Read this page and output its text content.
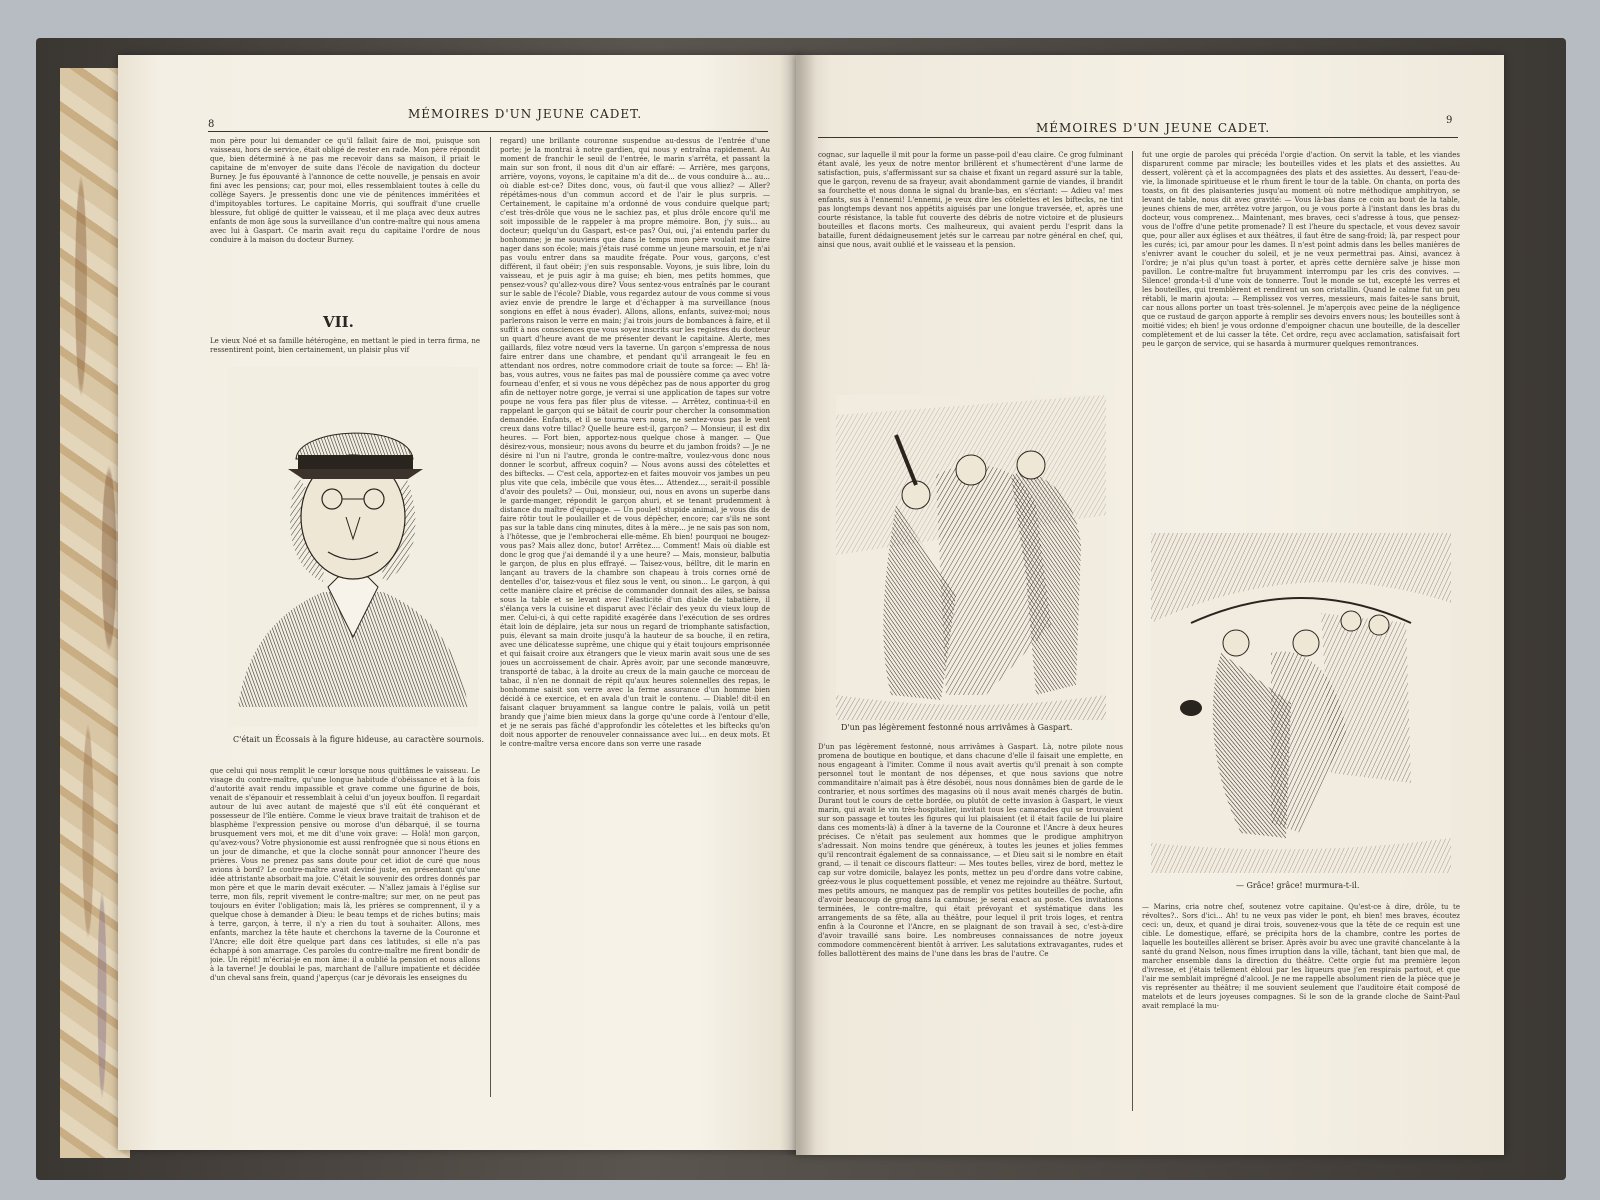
8
MÉMOIRES D'UN JEUNE CADET.
mon père pour lui demander ce qu'il fallait faire de moi, puisque son vaisseau, hors de service, était obligé de rester en rade. Mon père répondit que, bien déterminé à ne pas me recevoir dans sa maison, il priait le capitaine de m'envoyer de suite dans l'école de navigation du docteur Burney. Je fus épouvanté à l'annonce de cette nouvelle, je pensais en avoir fini avec les pensions; car, pour moi, elles ressemblaient toutes à celle du collège Sayers. Je pressentis donc une vie de pénitences imméritées et d'impitoyables tortures. Le capitaine Morris, qui souffrait d'une cruelle blessure, fut obligé de quitter le vaisseau, et il me plaça avec deux autres enfants de mon âge sous la surveillance d'un contre-maître qui nous amena avec lui à Gaspart. Ce marin avait reçu du capitaine l'ordre de nous conduire à la maison du docteur Burney.
VII.
Le vieux Noé et sa famille hétérogène, en mettant le pied in terra firma, ne ressentirent point, bien certainement, un plaisir plus vif
C'était un Écossais à la figure hideuse, au caractère sournois.
que celui qui nous remplit le cœur lorsque nous quittâmes le vaisseau. Le visage du contre-maître, qu'une longue habitude d'obéissance et à la fois d'autorité avait rendu impassible et grave comme une figurine de bois, venait de s'épanouir et ressemblait à celui d'un joyeux bouffon. Il regardait autour de lui avec autant de majesté que s'il eût été conquérant et possesseur de l'île entière. Comme le vieux brave traitait de trahison et de blasphème l'expression pensive ou morose d'un débarqué, il se tourna brusquement vers moi, et me dit d'une voix grave: — Holà! mon garçon, qu'avez-vous? Votre physionomie est aussi renfrognée que si nous étions en un jour de dimanche, et que la cloche sonnât pour annoncer l'heure des prières. Vous ne prenez pas sans doute pour cet idiot de curé que nous avions à bord? Le contre-maître avait deviné juste, en présentant qu'une idée attristante absorbait ma joie. C'était le souvenir des ordres donnés par mon père et que le marin devait exécuter. — N'allez jamais à l'église sur terre, mon fils, reprit vivement le contre-maître; sur mer, on ne peut pas toujours en éviter l'obligation; mais là, les prières se comprennent, il y a quelque chose à demander à Dieu: le beau temps et de riches butins; mais à terre, garçon, à terre, il n'y a rien du tout à souhaiter. Allons, mes enfants, marchez la tête haute et cherchons la taverne de la Couronne et l'Ancre; elle doit être quelque part dans ces latitudes, si elle n'a pas échappé à son amarrage. Ces paroles du contre-maître me firent bondir de joie. Un répit! m'écriai-je en mon âme: il a oublié la pension et nous allons à la taverne! Je doublai le pas, marchant de l'allure impatiente et décidée d'un cheval sans frein, quand j'aperçus (car je dévorais les enseignes du
regard) une brillante couronne suspendue au-dessus de l'entrée d'une porte; je la montrai à notre gardien, qui nous y entraîna rapidement. Au moment de franchir le seuil de l'entrée, le marin s'arrêta, et passant la main sur son front, il nous dit d'un air effaré: — Arrière, mes garçons, arrière, voyons, voyons, le capitaine m'a dit de... de vous conduire à... au... où diable est-ce? Dites donc, vous, où faut-il que vous alliez? — Aller? répétâmes-nous d'un commun accord et de l'air le plus surpris. — Certainement, le capitaine m'a ordonné de vous conduire quelque part; c'est très-drôle que vous ne le sachiez pas, et plus drôle encore qu'il me soit impossible de le rappeler à ma propre mémoire. Bon, j'y suis... au docteur; quelqu'un du Gaspart, est-ce pas? Oui, oui, j'ai entendu parler du bonhomme; je me souviens que dans le temps mon père voulait me faire nager dans son école; mais j'étais rusé comme un jeune marsouin, et je n'ai pas voulu entrer dans sa maudite frégate. Pour vous, garçons, c'est différent, il faut obéir; j'en suis responsable. Voyons, je suis libre, loin du vaisseau, et je puis agir à ma guise; eh bien, mes petits hommes, que pensez-vous? qu'allez-vous dire? Vous sentez-vous entraînés par le courant sur le sable de l'école? Diable, vous regardez autour de vous comme si vous aviez envie de prendre le large et d'échapper à ma surveillance (nous songions en effet à nous évader). Allons, allons, enfants, suivez-moi; nous parlerons raison le verre en main; j'ai trois jours de bombances à faire, et il suffit à nos consciences que vous soyez inscrits sur les registres du docteur un quart d'heure avant de me présenter devant le capitaine. Alerte, mes gaillards, filez votre nœud vers la taverne. Un garçon s'empressa de nous faire entrer dans une chambre, et pendant qu'il arrangeait le feu en attendant nos ordres, notre commodore criait de toute sa force: — Eh! là-bas, vous autres, vous ne faites pas mal de poussière comme ça avec votre fourneau d'enfer, et si vous ne vous dépêchez pas de nous apporter du grog afin de nettoyer notre gorge, je verrai si une application de tapes sur votre poupe ne vous fera pas filer plus de vitesse. — Arrêtez, continua-t-il en rappelant le garçon qui se bâtait de courir pour chercher la consommation demandée. Enfants, et il se tourna vers nous, ne sentez-vous pas le vent creux dans votre tillac? Quelle heure est-il, garçon? — Monsieur, il est dix heures. — Fort bien, apportez-nous quelque chose à manger. — Que désirez-vous, monsieur; nous avons du beurre et du jambon froids? — Je ne désire ni l'un ni l'autre, gronda le contre-maître, voulez-vous donc nous donner le scorbut, affreux coquin? — Nous avons aussi des côtelettes et des biftecks. — C'est cela, apportez-en et faites mouvoir vos jambes un peu plus vite que cela, imbécile que vous êtes.... Attendez..., serait-il possible d'avoir des poulets? — Oui, monsieur, oui, nous en avons un superbe dans le garde-manger, répondit le garçon ahuri, et se tenant prudemment à distance du maître d'équipage. — Un poulet! stupide animal, je vous dis de faire rôtir tout le poulailler et de vous dépêcher, encore; car s'ils ne sont pas sur la table dans cinq minutes, dites à la mère... je ne sais pas son nom, à l'hôtesse, que je l'embrocherai elle-même. Eh bien! pourquoi ne bougez-vous pas? Mais allez donc, butor! Arrêtez.... Comment! Mais où diable est donc le grog que j'ai demandé il y a une heure? — Mais, monsieur, balbutia le garçon, de plus en plus effrayé. — Taisez-vous, bélître, dit le marin en lançant au travers de la chambre son chapeau à trois cornes orné de dentelles d'or, taisez-vous et filez sous le vent, ou sinon... Le garçon, à qui cette manière claire et précise de commander donnait des ailes, se baissa sous la table et se levant avec l'élasticité d'un diable de tabatière, il s'élança vers la cuisine et disparut avec l'éclair des yeux du vieux loup de mer. Celui-ci, à qui cette rapidité exagérée dans l'exécution de ses ordres était loin de déplaire, jeta sur nous un regard de triomphante satisfaction, puis, élevant sa main droite jusqu'à la hauteur de sa bouche, il en retira, avec une délicatesse suprême, une chique qui y était toujours emprisonnée et qui faisait croire aux étrangers que le vieux marin avait sous une de ses joues un accroissement de chair. Après avoir, par une seconde manœuvre, transporté de tabac, à la droite au creux de la main gauche ce morceau de tabac, il n'en ne donnait de répit qu'aux heures solennelles des repas, le bonhomme saisit son verre avec la ferme assurance d'un homme bien décidé à ce exercice, et en avala d'un trait le contenu. — Diable! dit-il en faisant claquer bruyamment sa langue contre le palais, voilà un petit brandy que j'aime bien mieux dans la gorge qu'une corde à l'entour d'elle, et je ne serais pas fâché d'approfondir les côtelettes et les biftecks qu'on doit nous apporter de renouveler connaissance avec lui... en deux mots. Et le contre-maître versa encore dans son verre une rasade
MÉMOIRES D'UN JEUNE CADET.
9
cognac, sur laquelle il mit pour la forme un passe-poil d'eau claire. Ce grog fulminant étant avalé, les yeux de notre mentor brillèrent et s'humectèrent d'une larme de satisfaction, puis, s'affermissant sur sa chaise et fixant un regard assuré sur la table, que le garçon, revenu de sa frayeur, avait abondamment garnie de viandes, il brandit sa fourchette et nous donna le signal du branle-bas, en s'écriant: — Adieu va! mes enfants, sus à l'ennemi! L'ennemi, je veux dire les côtelettes et les biftecks, ne tint pas longtemps devant nos appétits aiguisés par une longue traversée, et, après une courte résistance, la table fut couverte des débris de notre victoire et de plusieurs bouteilles et flacons morts. Ces malheureux, qui avaient perdu l'esprit dans la bataille, furent dédaigneusement jetés sur le carreau par notre général en chef, qui, ainsi que nous, avait oublié et le vaisseau et la pension.
D'un pas légèrement festonné nous arrivâmes à Gaspart.
D'un pas légèrement festonné, nous arrivâmes à Gaspart. Là, notre pilote nous promena de boutique en boutique, et dans chacune d'elle il faisait une emplette, en nous engageant à l'imiter. Comme il nous avait avertis qu'il prenait à son compte personnel tout le montant de nos dépenses, et que nous savions que notre commanditaire n'aimait pas à être désobéi, nous nous donnâmes bien de garde de le contrarier, et nous sortîmes des magasins où il nous avait menés chargés de butin. Durant tout le cours de cette bordée, ou plutôt de cette invasion à Gaspart, le vieux marin, qui avait le vin très-hospitalier, invitait tous les camarades qui se trouvaient sur son passage et toutes les figures qui lui plaisaient (et il était facile de lui plaire dans ces moments-là) à dîner à la taverne de la Couronne et l'Ancre à deux heures précises. Ce n'était pas seulement aux hommes que le prodigue amphitryon s'adressait. Non moins tendre que généreux, à toutes les jeunes et jolies femmes qu'il rencontrait également de sa connaissance, — et Dieu sait si le nombre en était grand, — il tenait ce discours flatteur: — Mes toutes belles, virez de bord, mettez le cap sur votre domicile, balayez les ponts, mettez un peu d'ordre dans votre cabine, gréez-vous le plus coquettement possible, et venez me rejoindre au théâtre. Surtout, mes petits amours, ne manquez pas de remplir vos petites bouteilles de poche, afin d'avoir beaucoup de grog dans la cambuse; je serai exact au poste. Ces invitations terminées, le contre-maître, qui était prévoyant et systématique dans les arrangements de sa fête, alla au théâtre, pour lequel il prit trois loges, et rentra enfin à la Couronne et l'Ancre, en se plaignant de son travail à sec, c'est-à-dire d'avoir travaillé sans boire. Les nombreuses connaissances de notre joyeux commodore commencèrent bientôt à arriver. Les salutations extravagantes, rudes et folles ballottèrent des mains de l'une dans les bras de l'autre. Ce
fut une orgie de paroles qui précéda l'orgie d'action. On servit la table, et les viandes disparurent comme par miracle; les bouteilles vides et les plats et des assiettes. Au dessert, volèrent çà et la accompagnées des plats et des assiettes. Au dessert, l'eau-de-vie, la limonade spiritueuse et le rhum firent le tour de la table. On chanta, on porta des toasts, on fit des plaisanteries jusqu'au moment où notre méthodique amphitryon, se levant de table, nous dit avec gravité: — Vous là-bas dans ce coin au bout de la table, jeunes chiens de mer, arrêtez votre jargon, ou je vous porte à l'instant dans les bras du docteur, vous comprenez... Maintenant, mes braves, ceci s'adresse à tous, que pensez-vous de l'offre d'une petite promenade? Il est l'heure du spectacle, et vous devez savoir que, pour aller aux églises et aux théâtres, il faut être de sang-froid; là, par respect pour les curés; ici, par amour pour les dames. Il n'est point admis dans les belles manières de s'enivrer avant le coucher du soleil, et je ne veux permettrai pas. Ainsi, avancez à l'ordre; je n'ai plus qu'un toast à porter, et après cette dernière salve je hisse mon pavillon. Le contre-maître fut bruyamment interrompu par les cris des convives. — Silence! gronda-t-il d'une voix de tonnerre. Tout le monde se tut, excepté les verres et les bouteilles, qui tremblèrent et rendirent un son cristallin. Quand le calme fut un peu rétabli, le marin ajouta: — Remplissez vos verres, messieurs, mais faites-le sans bruit, car nous allons porter un toast très-solennel. Je m'aperçois avec peine de la négligence que ce rustaud de garçon apporte à remplir ses devoirs envers nous; les bouteilles sont à moitié vides; eh bien! je vous ordonne d'empoigner chacun une bouteille, de la desceller complètement et de lui casser la tête. Cet ordre, reçu avec acclamation, satisfaisait fort peu le garçon de service, qui se hasarda à murmurer quelques remontrances.
— Grâce! grâce! murmura-t-il.
— Marins, cria notre chef, soutenez votre capitaine. Qu'est-ce à dire, drôle, tu te révoltes?.. Sors d'ici... Ah! tu ne veux pas vider le pont, eh bien! mes braves, écoutez ceci: un, deux, et quand je dirai trois, souvenez-vous que la tête de ce requin est une cible. Le domestique, effaré, se précipita hors de la chambre, contre les portes de laquelle les bouteilles allèrent se briser. Après avoir bu avec une gravité chancelante à la santé du grand Nelson, nous fîmes irruption dans la ville, tâchant, tant bien que mal, de marcher ensemble dans la direction du théâtre. Cette orgie fut ma première leçon d'ivresse, et j'étais tellement ébloui par les liqueurs que j'en respirais partout, et que l'air me semblait imprégné d'alcool. Je ne me rappelle absolument rien de la pièce que je vis représenter au théâtre; il me souvient seulement que l'auditoire était composé de matelots et de leurs joyeuses compagnes. Si le son de la grande cloche de Saint-Paul avait remplacé la mu-
